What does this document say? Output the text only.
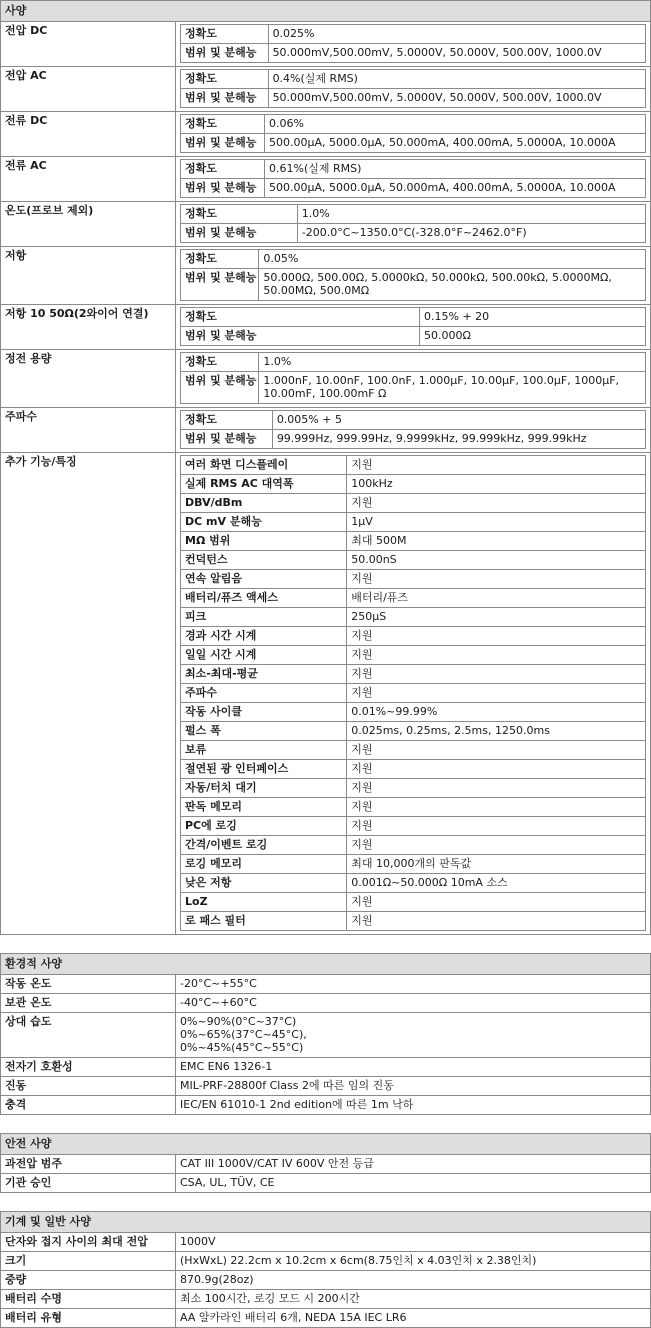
사양
전압 DC		정확도	0.025%
범위 및 분해능	50.000mV,500.00mV, 5.0000V, 50.000V, 500.00V, 1000.0V

전압 AC		정확도	0.4%(실제 RMS)
범위 및 분해능	50.000mV,500.00mV, 5.0000V, 50.000V, 500.00V, 1000.0V

전류 DC		정확도	0.06%
범위 및 분해능	500.00µA, 5000.0µA, 50.000mA, 400.00mA, 5.0000A, 10.000A

전류 AC		정확도	0.61%(실제 RMS)
범위 및 분해능	500.00µA, 5000.0µA, 50.000mA, 400.00mA, 5.0000A, 10.000A

온도(프로브 제외)		정확도	1.0%
범위 및 분해능	-200.0°C~1350.0°C(-328.0°F~2462.0°F)

저항		정확도	0.05%
범위 및 분해능	50.000Ω, 500.00Ω, 5.0000kΩ, 50.000kΩ, 500.00kΩ, 5.0000MΩ, 50.00MΩ, 500.0MΩ

저항 10 50Ω(2와이어 연결)		정확도	0.15% + 20
범위 및 분해능	50.000Ω

정전 용량		정확도	1.0%
범위 및 분해능	1.000nF, 10.00nF, 100.0nF, 1.000µF, 10.00µF, 100.0µF, 1000µF, 10.00mF, 100.00mF Ω

주파수		정확도	0.005% + 5
범위 및 분해능	99.999Hz, 999.99Hz, 9.9999kHz, 99.999kHz, 999.99kHz

추가 기능/특징		여러 화면 디스플레이	지원
실제 RMS AC 대역폭	100kHz
DBV/dBm	지원
DC mV 분해능	1µV
MΩ 범위	최대 500M
컨덕턴스	50.00nS
연속 알림음	지원
배터리/퓨즈 액세스	배터리/퓨즈
피크	250µS
경과 시간 시계	지원
일일 시간 시계	지원
최소-최대-평균	지원
주파수	지원
작동 사이클	0.01%~99.99%
펄스 폭	0.025ms, 0.25ms, 2.5ms, 1250.0ms
보류	지원
절연된 광 인터페이스	지원
자동/터치 대기	지원
판독 메모리	지원
PC에 로깅	지원
간격/이벤트 로깅	지원
로깅 메모리	최대 10,000개의 판독값
낮은 저항	0.001Ω~50.000Ω 10mA 소스
LoZ	지원
로 패스 필터	지원
환경적 사양	
작동 온도	-20°C~+55°C
보관 온도	-40°C~+60°C
상대 습도	0%~90%(0°C~37°C)
0%~65%(37°C~45°C),
0%~45%(45°C~55°C)

전자기 호환성	EMC EN6 1326-1
진동	MIL-PRF-28800f Class 2에 따른 임의 진동
충격	IEC/EN 61010-1 2nd edition에 따른 1m 낙하
안전 사양	
과전압 범주	CAT III 1000V/CAT IV 600V 안전 등급
기관 승인	CSA, UL, TÜV, CE
기계 및 일반 사양	
단자와 접지 사이의 최대 전압	1000V
크기	(HxWxL) 22.2cm x 10.2cm x 6cm(8.75인치 x 4.03인치 x 2.38인치)
중량	870.9g(28oz)
배터리 수명	최소 100시간, 로깅 모드 시 200시간
배터리 유형	AA 알카라인 배터리 6개, NEDA 15A IEC LR6
